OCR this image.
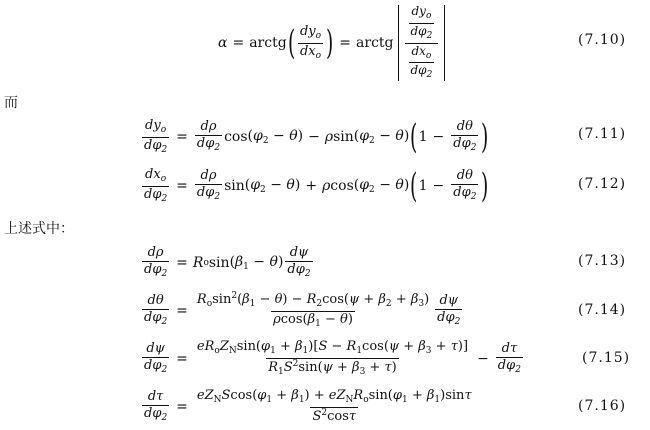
α = arctg ( $\frac{dy_o}{dx_o}$ ) = arctg $\frac{\frac{dy_o}{d\varphi_2}}{\frac{dx_o}{d\varphi_2}}$	(7.10)
而
$\frac{dy_o}{d\varphi_2} = \frac{d\rho}{d\varphi_2}$ $\cos (\varphi_2 - \theta) - \rho$ $\sin (\varphi_2 - \theta)$ ( $1 - \frac{d\theta}{d\varphi_2}$ )	(7.11)
$\frac{dx_o}{d\varphi_2} = \frac{d\rho}{d\varphi_2}$ $\sin (\varphi_2 - \theta) + \rho$ $\cos (\varphi_2 - \theta)$ ( $1 - \frac{d\theta}{d\varphi_2}$ )	(7.12)
上述式中：
$\frac{d\rho}{d\varphi_2} = R$ o $\sin (\beta_1 - \theta) \frac{d\psi}{d\varphi_2}$	(7.13)
$\frac{d\theta}{d\varphi_2} = \frac{R_o\sin^2(\beta_1 - \theta) - R_2\cos(\psi + \beta_2 + \beta_3)}{\rho\cos(\beta_1 - \theta)} \frac{d\psi}{d\varphi_2}$	(7.14)
$\frac{d\psi}{d\varphi_2} = \frac{eR_oZ_N\sin(\varphi_1 + \beta_1)[S - R_1\cos(\psi + \beta_3 + \tau)]}{R_1S^2\sin(\psi + \beta_3 + \tau)} - \frac{d\tau}{d\varphi_2}$	(7.15)
$\frac{d\tau}{d\varphi_2} = \frac{eZ_NScos(\varphi_1 + \beta_1) + eZ_NR_o\sin(\varphi_1 + \beta_1)\sin\tau}{S^2\cos\tau}$	(7.16)
